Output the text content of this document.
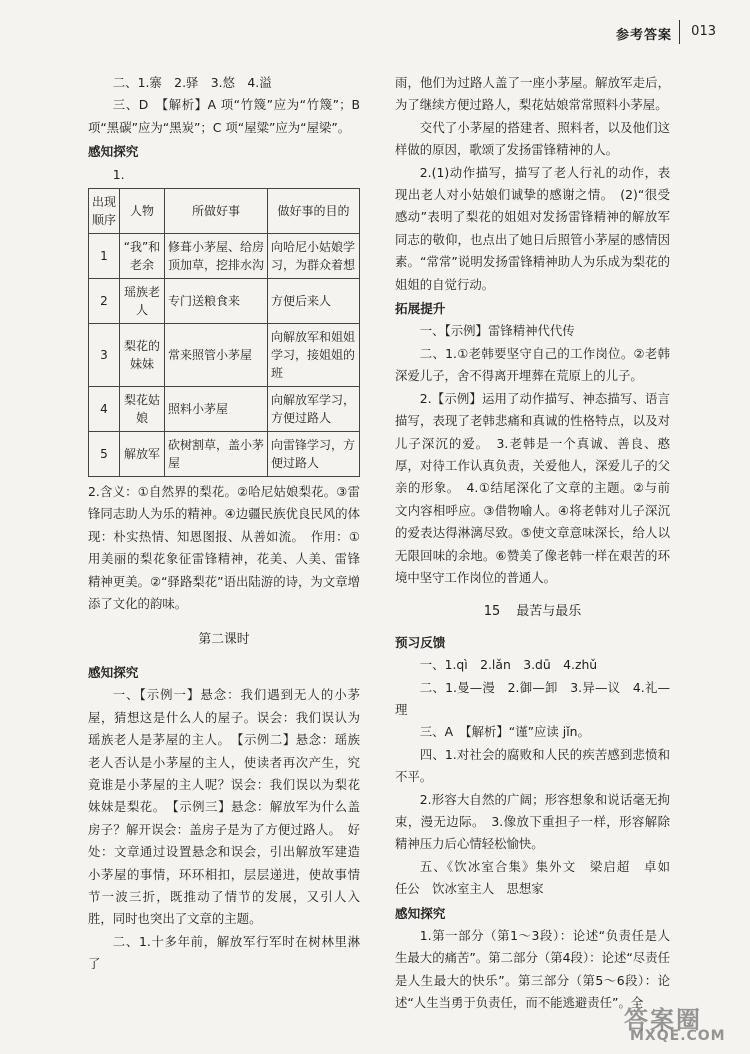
参考答案 013

二、1.寨　2.驿　3.悠　4.溢

三、D　【解析】A 项“竹篾”应为“竹篾”；B 项“黑碳”应为“黑炭”；C 项“屋粱”应为“屋梁”。

感知探究

1.

出现顺序	人物	所做好事	做好事的目的
1	“我”和老余	修葺小茅屋、给房顶加草，挖排水沟	向哈尼小姑娘学习，为群众着想
2	瑶族老人	专门送粮食来	方便后来人
3	梨花的妹妹	常来照管小茅屋	向解放军和姐姐学习，接姐姐的班
4	梨花姑娘	照料小茅屋	向解放军学习，方便过路人
5	解放军	砍树割草，盖小茅屋	向雷锋学习，方便过路人

2.含义：①自然界的梨花。②哈尼姑娘梨花。③雷锋同志助人为乐的精神。④边疆民族优良民风的体现：朴实热情、知恩图报、从善如流。　作用：①用美丽的梨花象征雷锋精神，花美、人美、雷锋精神更美。②“驿路梨花”语出陆游的诗，为文章增添了文化的韵味。

第二课时

感知探究

一、【示例一】悬念：我们遇到无人的小茅屋，猜想这是什么人的屋子。误会：我们误认为瑶族老人是茅屋的主人。　【示例二】悬念：瑶族老人否认是小茅屋的主人，使读者再次产生，究竟谁是小茅屋的主人呢？误会：我们误以为梨花妹妹是梨花。　【示例三】悬念：解放军为什么盖房子？解开误会：盖房子是为了方便过路人。　好处：文章通过设置悬念和误会，引出解放军建造小茅屋的事情，环环相扣，层层递进，使故事情节一波三折，既推动了情节的发展，又引人入胜，同时也突出了文章的主题。

二、1.十多年前，解放军行军时在树林里淋了

雨，他们为过路人盖了一座小茅屋。解放军走后，为了继续方便过路人，梨花姑娘常常照料小茅屋。

交代了小茅屋的搭建者、照料者，以及他们这样做的原因，歌颂了发扬雷锋精神的人。

2.(1)动作描写，描写了老人行礼的动作，表现出老人对小姑娘们诚挚的感谢之情。　(2)“很受感动”表明了梨花的姐姐对发扬雷锋精神的解放军同志的敬仰，也点出了她日后照管小茅屋的感情因素。“常常”说明发扬雷锋精神助人为乐成为梨花的姐姐的自觉行动。

拓展提升

一、【示例】雷锋精神代代传

二、1.①老韩要坚守自己的工作岗位。②老韩深爱儿子，舍不得离开埋葬在荒原上的儿子。

2.【示例】运用了动作描写、神态描写、语言描写，表现了老韩悲痛和真诚的性格特点，以及对儿子深沉的爱。　3.老韩是一个真诚、善良、憨厚，对待工作认真负责，关爱他人，深爱儿子的父亲的形象。　4.①结尾深化了文章的主题。②与前文内容相呼应。③借物喻人。④将老韩对儿子深沉的爱表达得淋漓尽致。⑤使文章意味深长，给人以无限回味的余地。⑥赞美了像老韩一样在艰苦的环境中坚守工作岗位的普通人。

15 最苦与最乐

预习反馈

一、1.qì　2.lǎn　3.dū　4.zhǔ

二、1.曼—漫　2.御—卸　3.异—议　4.礼—理

三、A　【解析】“谨”应读 jǐn。

四、1.对社会的腐败和人民的疾苦感到悲愤和不平。

2.形容大自然的广阔；形容想象和说话毫无拘束，漫无边际。　3.像放下重担子一样，形容解除精神压力后心情轻松愉快。

五、《饮冰室合集》集外文　梁启超　卓如　任公　饮冰室主人　思想家

感知探究

1.第一部分（第1～3段）：论述“负责任是人生最大的痛苦”。第二部分（第4段）：论述“尽责任是人生最大的快乐”。第三部分（第5～6段）：论述“人生当勇于负责任，而不能逃避责任”。全

答案圈
MXQE.COM
